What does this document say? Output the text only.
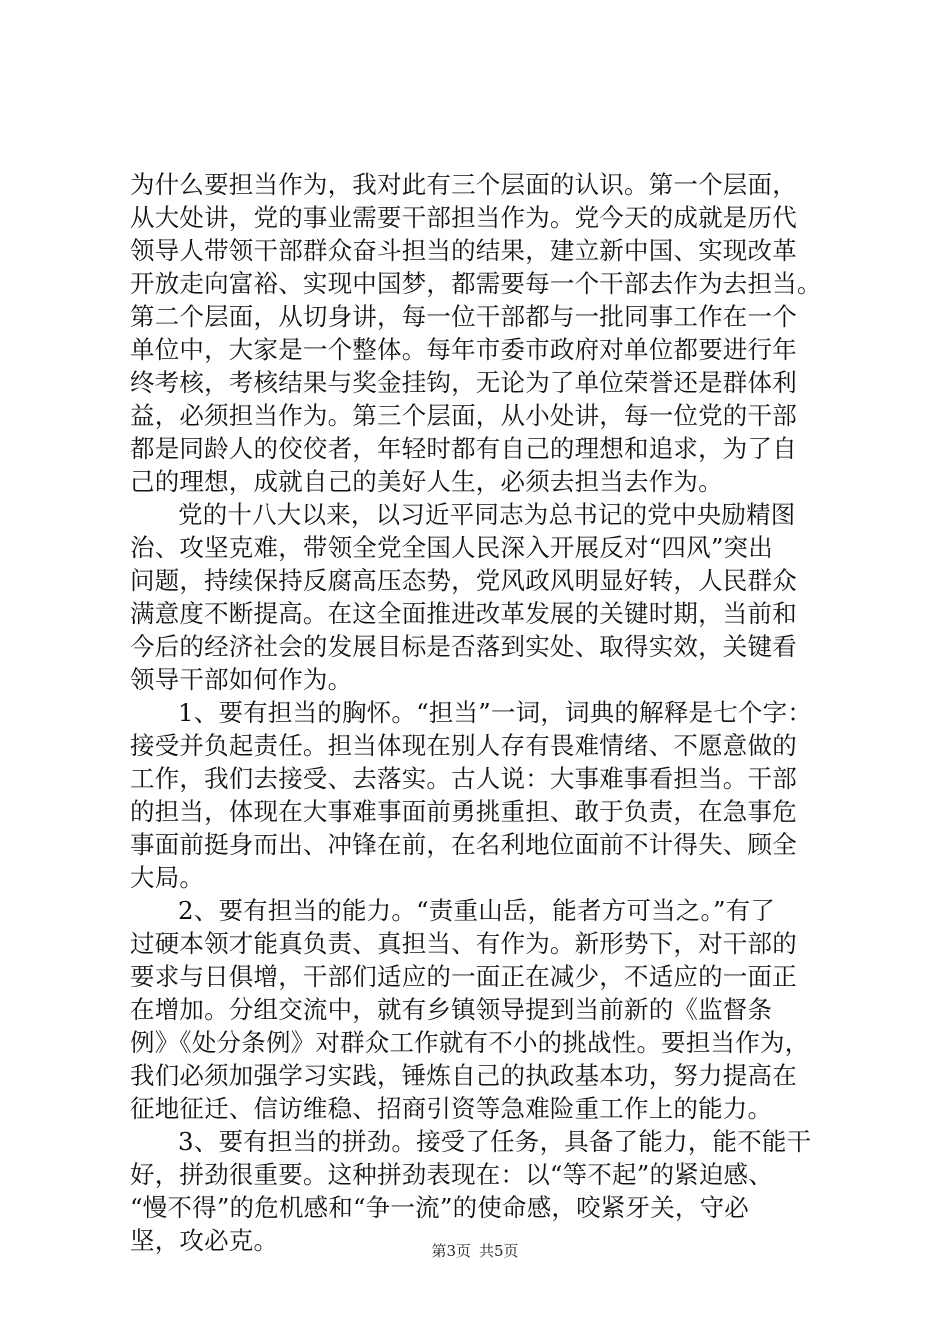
为什么要担当作为，我对此有三个层面的认识。第一个层面，
从大处讲，党的事业需要干部担当作为。党今天的成就是历代
领导人带领干部群众奋斗担当的结果，建立新中国、实现改革
开放走向富裕、实现中国梦，都需要每一个干部去作为去担当。
第二个层面，从切身讲，每一位干部都与一批同事工作在一个
单位中，大家是一个整体。每年市委市政府对单位都要进行年
终考核，考核结果与奖金挂钩，无论为了单位荣誉还是群体利
益，必须担当作为。第三个层面，从小处讲，每一位党的干部
都是同龄人的佼佼者，年轻时都有自己的理想和追求，为了自
己的理想，成就自己的美好人生，必须去担当去作为。
党的十八大以来，以习近平同志为总书记的党中央励精图
治、攻坚克难，带领全党全国人民深入开展反对“四风”突出
问题，持续保持反腐高压态势，党风政风明显好转，人民群众
满意度不断提高。在这全面推进改革发展的关键时期，当前和
今后的经济社会的发展目标是否落到实处、取得实效，关键看
领导干部如何作为。
1、要有担当的胸怀。“担当”一词，词典的解释是七个字：
接受并负起责任。担当体现在别人存有畏难情绪、不愿意做的
工作，我们去接受、去落实。古人说：大事难事看担当。干部
的担当，体现在大事难事面前勇挑重担、敢于负责，在急事危
事面前挺身而出、冲锋在前，在名利地位面前不计得失、顾全
大局。
2、要有担当的能力。“责重山岳，能者方可当之。”有了
过硬本领才能真负责、真担当、有作为。新形势下，对干部的
要求与日俱增，干部们适应的一面正在减少，不适应的一面正
在增加。分组交流中，就有乡镇领导提到当前新的《监督条
例》《处分条例》对群众工作就有不小的挑战性。要担当作为，
我们必须加强学习实践，锤炼自己的执政基本功，努力提高在
征地征迁、信访维稳、招商引资等急难险重工作上的能力。
3、要有担当的拼劲。接受了任务，具备了能力，能不能干
好，拼劲很重要。这种拼劲表现在：以“等不起”的紧迫感、
“慢不得”的危机感和“争一流”的使命感，咬紧牙关，守必
坚，攻必克。	第3页 共5页
